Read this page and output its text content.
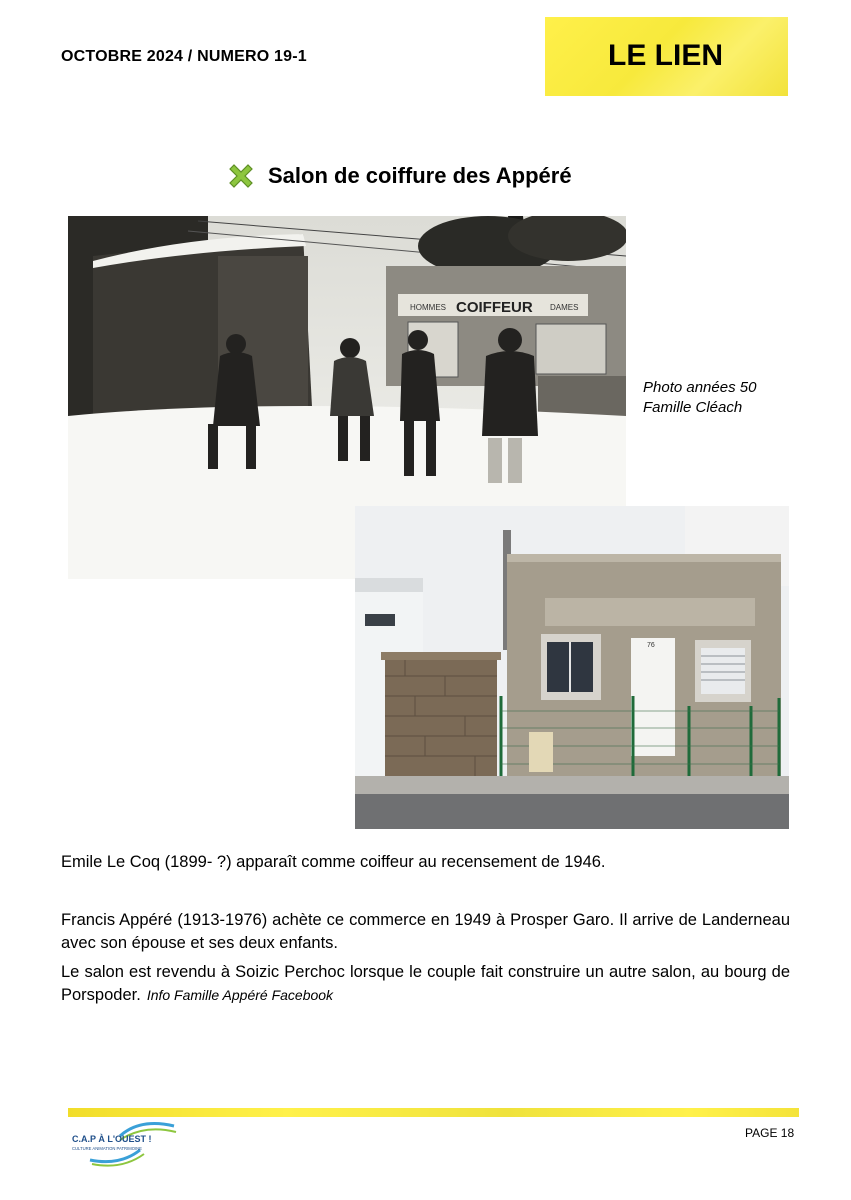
OCTOBRE 2024 / NUMERO 19-1	LE LIEN
Salon de coiffure des Appéré
HOMMES COIFFEUR DAMES
Photo années 50
Famille Cléach
76
Emile Le Coq (1899- ?) apparaît comme coiffeur au recensement de 1946.
Francis Appéré (1913-1976) achète ce commerce en 1949 à Prosper Garo. Il arrive de Landerneau avec son épouse et ses deux enfants.
Le salon est revendu à Soizic Perchoc lorsque le couple fait construire un autre salon, au bourg de Porspoder. Info Famille Appéré Facebook
C.A.P À L'OUEST !
CULTURE ANIMATION PATRIMOINE
PAGE 18
